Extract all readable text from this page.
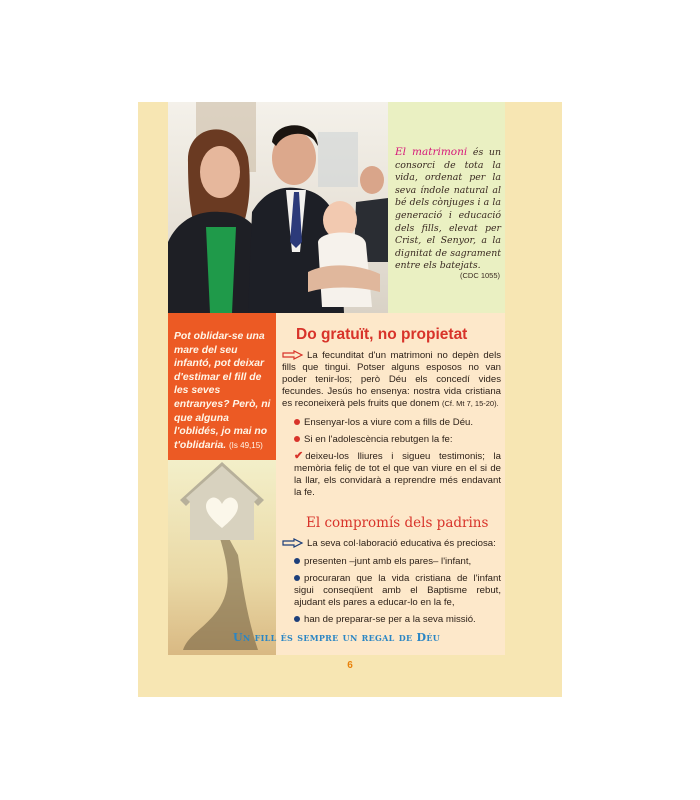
El matrimoni és un consorci de tota la vida, ordenat per la seva índole natural al bé dels cònjuges i a la generació i educació dels fills, elevat per Crist, el Senyor, a la dignitat de sagrament entre els batejats.
(CDC 1055)
Pot oblidar-se una mare del seu infantó, pot deixar d'estimar el fill de les seves entranyes? Però, ni que alguna l'oblidés, jo mai no t'oblidaria. (Is 49,15)
Do gratuït, no propietat
La fecunditat d'un matrimoni no depèn dels fills que tingui. Potser alguns esposos no van poder tenir-los; però Déu els concedí vides fecundes. Jesús ho ensenya: nostra vida cristiana es reconeixerà pels fruits que donem (Cf. Mt 7, 15-20).
Ensenyar-los a viure com a fills de Déu.
Si en l'adolescència rebutgen la fe:
✔ deixeu-los lliures i sigueu testimonis; la memòria feliç de tot el que van viure en el si de la llar, els convidarà a reprendre més endavant la fe.
El compromís dels padrins
La seva col·laboració educativa és preciosa:
presenten –junt amb els pares– l'infant,
procuraran que la vida cristiana de l'infant sigui conseqüent amb el Baptisme rebut, ajudant els pares a educar-lo en la fe,
han de preparar-se per a la seva missió.
Un fill és sempre un regal de Déu
6
